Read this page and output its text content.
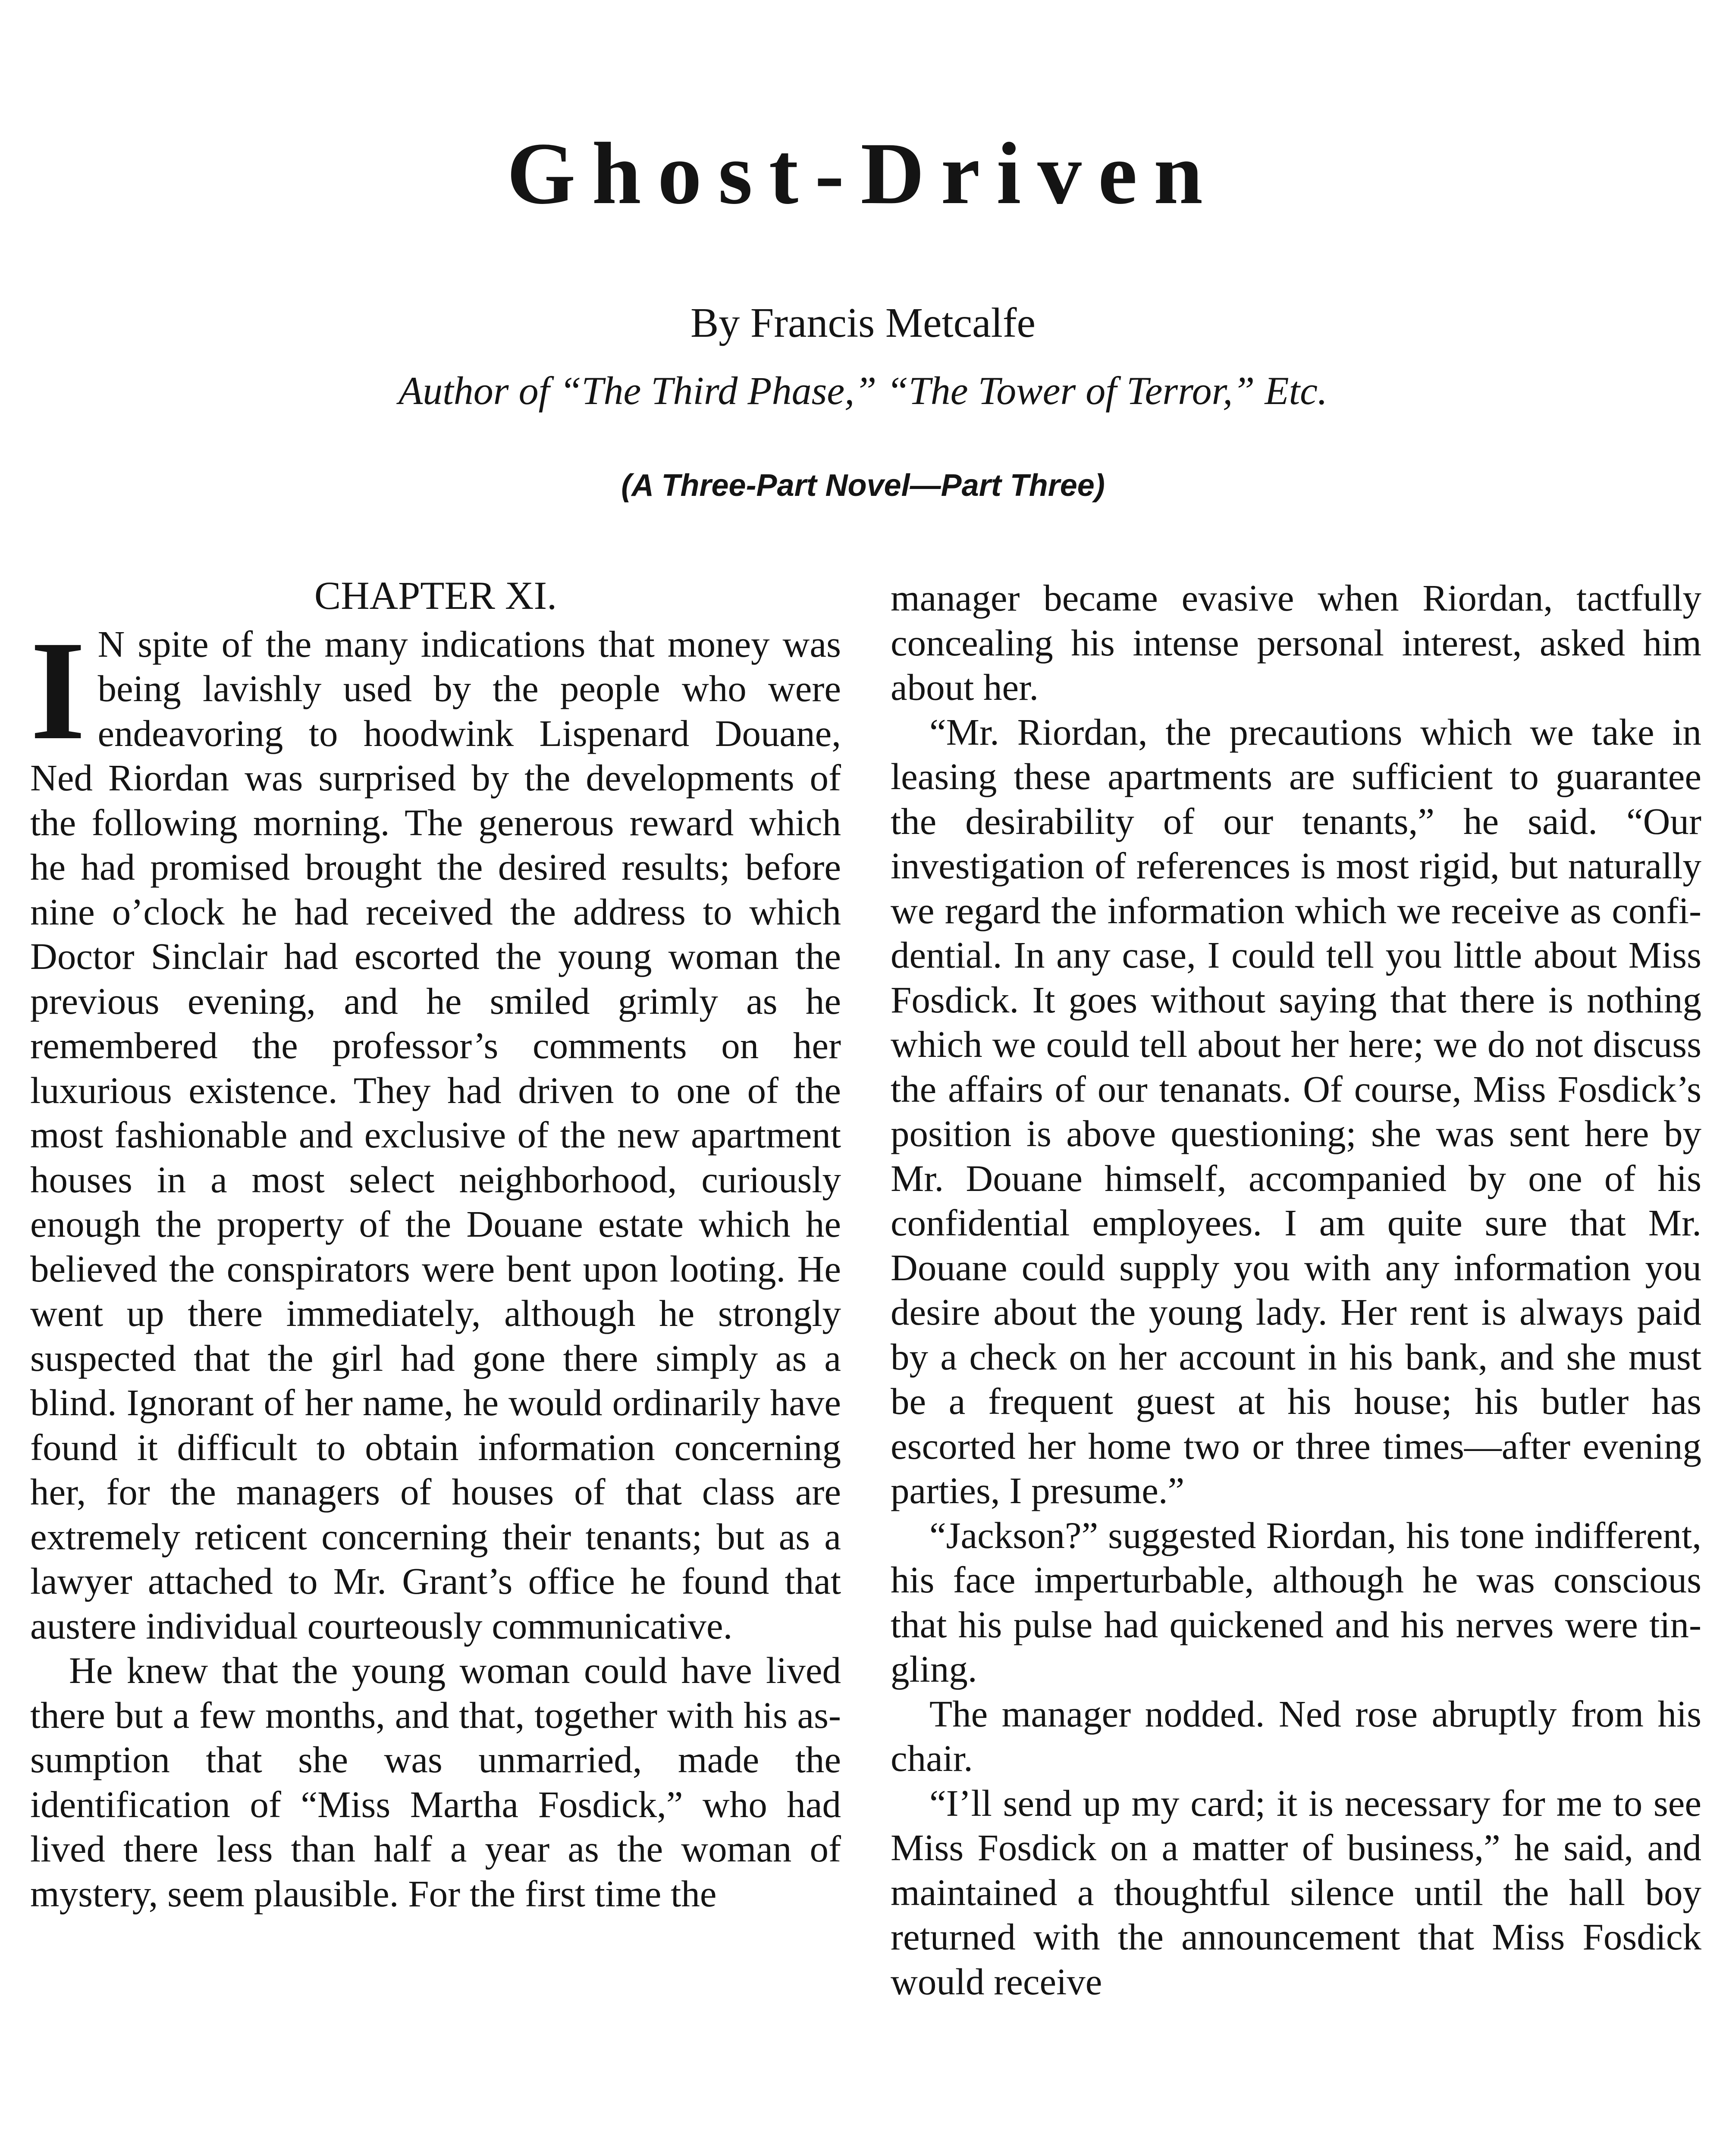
Ghost-Driven
By Francis Metcalfe
Author of “The Third Phase,” “The Tower of Terror,” Etc.
(A Three-Part Novel—Part Three)
CHAPTER XI.

I N spite of the many indications that money was being lavishly used by the people who were endeavoring to hoodwink Lispenard Douane, Ned Riordan was surprised by the developments of the following morning. The generous reward which he had promised brought the desired results; before nine o’clock he had received the address to which Doctor Sinclair had escorted the young woman the previous evening, and he smiled grimly as he remembered the professor’s comments on her luxurious existence. They had driven to one of the most fashionable and exclusive of the new apartment houses in a most select neighborhood, curiously enough the property of the Douane estate which he believed the conspirators were bent upon looting. He went up there immediately, although he strongly suspected that the girl had gone there simply as a blind. Ignorant of her name, he would ordinarily have found it difficult to obtain information concerning her, for the managers of houses of that class are extremely reticent concerning their tenants; but as a lawyer attached to Mr. Grant’s office he found that austere individual courteously communicative.

He knew that the young woman could have lived there but a few months, and that, together with his assumption that she was unmarried, made the identification of “Miss Martha Fosdick,” who had lived there less than half a year as the woman of mystery, seem plausible. For the first time the

manager became evasive when Riordan, tactfully concealing his intense personal interest, asked him about her.

“Mr. Riordan, the precautions which we take in leasing these apartments are sufficient to guarantee the desirability of our tenants,” he said. “Our investigation of references is most rigid, but naturally we regard the information which we receive as confidential. In any case, I could tell you little about Miss Fosdick. It goes without saying that there is nothing which we could tell about her here; we do not discuss the affairs of our tenanats. Of course, Miss Fosdick’s position is above questioning; she was sent here by Mr. Douane himself, accompanied by one of his confidential employees. I am quite sure that Mr. Douane could supply you with any information you desire about the young lady. Her rent is always paid by a check on her account in his bank, and she must be a frequent guest at his house; his butler has escorted her home two or three times—after evening parties, I presume.”

“Jackson?” suggested Riordan, his tone indifferent, his face imperturbable, although he was conscious that his pulse had quickened and his nerves were tingling.

The manager nodded. Ned rose abruptly from his chair.

“I’ll send up my card; it is necessary for me to see Miss Fosdick on a matter of business,” he said, and maintained a thoughtful silence until the hall boy returned with the announcement that Miss Fosdick would receive
